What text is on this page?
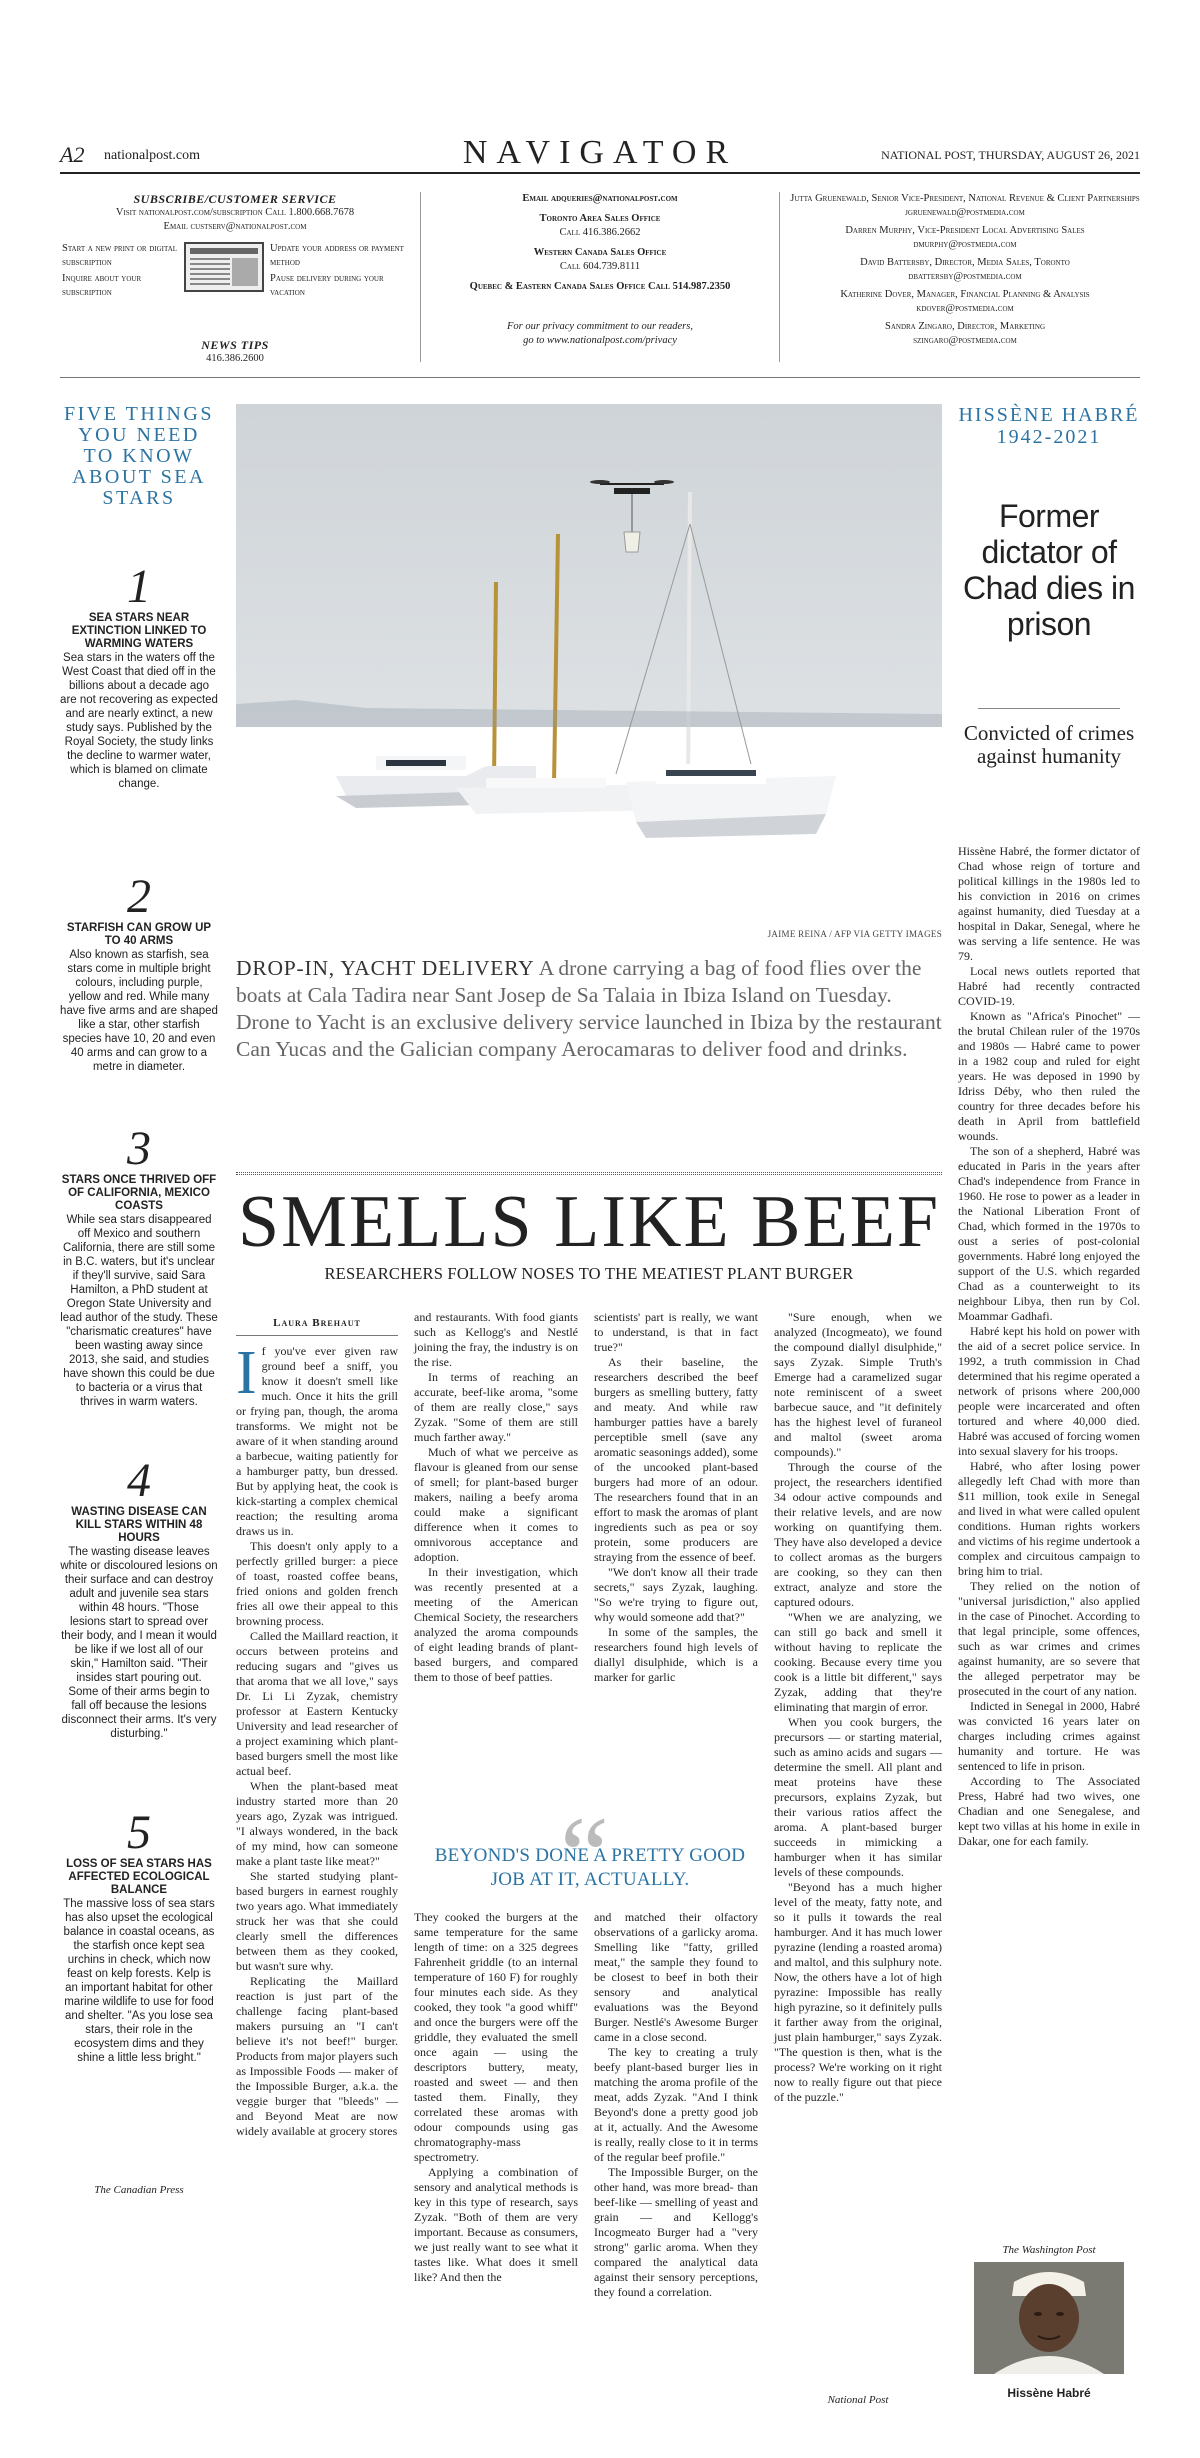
A2 nationalpost.com	NAVIGATOR	NATIONAL POST, THURSDAY, AUGUST 26, 2021
SUBSCRIBE/CUSTOMER SERVICE
Visit nationalpost.com/subscription Call 1.800.668.7678
Email custserv@nationalpost.com
Start a new print or digital subscription
Inquire about your subscription
Update your address or payment method
Pause delivery during your vacation
NEWS TIPS
416.386.2600
Email adqueries@nationalpost.com
Toronto Area Sales Office
Call 416.386.2662
Western Canada Sales Office
Call 604.739.8111
Quebec & Eastern Canada Sales Office Call 514.987.2350
For our privacy commitment to our readers,
go to www.nationalpost.com/privacy
Jutta Gruenewald, Senior Vice-President, National Revenue & Client Partnerships
jgruenewald@postmedia.com
Darren Murphy, Vice-President Local Advertising Sales
dmurphy@postmedia.com
David Battersby, Director, Media Sales, Toronto
dbattersby@postmedia.com
Katherine Dover, Manager, Financial Planning & Analysis
kdover@postmedia.com
Sandra Zingaro, Director, Marketing
szingaro@postmedia.com
FIVE THINGS YOU NEED TO KNOW ABOUT SEA STARS
1
SEA STARS NEAR EXTINCTION LINKED TO WARMING WATERS
Sea stars in the waters off the West Coast that died off in the billions about a decade ago are not recovering as expected and are nearly extinct, a new study says. Published by the Royal Society, the study links the decline to warmer water, which is blamed on climate change.
2
STARFISH CAN GROW UP TO 40 ARMS
Also known as starfish, sea stars come in multiple bright colours, including purple, yellow and red. While many have five arms and are shaped like a star, other starfish species have 10, 20 and even 40 arms and can grow to a metre in diameter.
3
STARS ONCE THRIVED OFF OF CALIFORNIA, MEXICO COASTS
While sea stars disappeared off Mexico and southern California, there are still some in B.C. waters, but it's unclear if they'll survive, said Sara Hamilton, a PhD student at Oregon State University and lead author of the study. These "charismatic creatures" have been wasting away since 2013, she said, and studies have shown this could be due to bacteria or a virus that thrives in warm waters.
4
WASTING DISEASE CAN KILL STARS WITHIN 48 HOURS
The wasting disease leaves white or discoloured lesions on their surface and can destroy adult and juvenile sea stars within 48 hours. "Those lesions start to spread over their body, and I mean it would be like if we lost all of our skin," Hamilton said. "Their insides start pouring out. Some of their arms begin to fall off because the lesions disconnect their arms. It's very disturbing."
5
LOSS OF SEA STARS HAS AFFECTED ECOLOGICAL BALANCE
The massive loss of sea stars has also upset the ecological balance in coastal oceans, as the starfish once kept sea urchins in check, which now feast on kelp forests. Kelp is an important habitat for other marine wildlife to use for food and shelter. "As you lose sea stars, their role in the ecosystem dims and they shine a little less bright."
The Canadian Press
JAIME REINA / AFP VIA GETTY IMAGES
DROP-IN, YACHT DELIVERY A drone carrying a bag of food flies over the boats at Cala Tadira near Sant Josep de Sa Talaia in Ibiza Island on Tuesday. Drone to Yacht is an exclusive delivery service launched in Ibiza by the restaurant Can Yucas and the Galician company Aerocamaras to deliver food and drinks.
SMELLS LIKE BEEF
RESEARCHERS FOLLOW NOSES TO THE MEATIEST PLANT BURGER
Laura Brehaut

If you've ever given raw ground beef a sniff, you know it doesn't smell like much. Once it hits the grill or frying pan, though, the aroma transforms. We might not be aware of it when standing around a barbecue, waiting patiently for a hamburger patty, bun dressed. But by applying heat, the cook is kick-starting a complex chemical reaction; the resulting aroma draws us in.

This doesn't only apply to a perfectly grilled burger: a piece of toast, roasted coffee beans, fried onions and golden french fries all owe their appeal to this browning process.

Called the Maillard reaction, it occurs between proteins and reducing sugars and "gives us that aroma that we all love," says Dr. Li Li Zyzak, chemistry professor at Eastern Kentucky University and lead researcher of a project examining which plant-based burgers smell the most like actual beef.

When the plant-based meat industry started more than 20 years ago, Zyzak was intrigued. "I always wondered, in the back of my mind, how can someone make a plant taste like meat?"

She started studying plant-based burgers in earnest roughly two years ago. What immediately struck her was that she could clearly smell the differences between them as they cooked, but wasn't sure why.

Replicating the Maillard reaction is just part of the challenge facing plant-based makers pursuing an "I can't believe it's not beef!" burger. Products from major players such as Impossible Foods — maker of the Impossible Burger, a.k.a. the veggie burger that "bleeds" — and Beyond Meat are now widely available at grocery stores

and restaurants. With food giants such as Kellogg's and Nestlé joining the fray, the industry is on the rise.

In terms of reaching an accurate, beef-like aroma, "some of them are really close," says Zyzak. "Some of them are still much farther away."

Much of what we perceive as flavour is gleaned from our sense of smell; for plant-based burger makers, nailing a beefy aroma could make a significant difference when it comes to omnivorous acceptance and adoption.

In their investigation, which was recently presented at a meeting of the American Chemical Society, the researchers analyzed the aroma compounds of eight leading brands of plant-based burgers, and compared them to those of beef patties.

scientists' part is really, we want to understand, is that in fact true?"

As their baseline, the researchers described the beef burgers as smelling buttery, fatty and meaty. And while raw hamburger patties have a barely perceptible smell (save any aromatic seasonings added), some of the uncooked plant-based burgers had more of an odour. The researchers found that in an effort to mask the aromas of plant ingredients such as pea or soy protein, some producers are straying from the essence of beef.

"We don't know all their trade secrets," says Zyzak, laughing. "So we're trying to figure out, why would someone add that?"

In some of the samples, the researchers found high levels of diallyl disulphide, which is a marker for garlic

"Sure enough, when we analyzed (Incogmeato), we found the compound diallyl disulphide," says Zyzak. Simple Truth's Emerge had a caramelized sugar note reminiscent of a sweet barbecue sauce, and "it definitely has the highest level of furaneol and maltol (sweet aroma compounds)."

Through the course of the project, the researchers identified 34 odour active compounds and their relative levels, and are now working on quantifying them. They have also developed a device to collect aromas as the burgers are cooking, so they can then extract, analyze and store the captured odours.

"When we are analyzing, we can still go back and smell it without having to replicate the cooking. Because every time you cook is a little bit different," says Zyzak, adding that they're eliminating that margin of error.

When you cook burgers, the precursors — or starting material, such as amino acids and sugars — determine the smell. All plant and meat proteins have these precursors, explains Zyzak, but their various ratios affect the aroma. A plant-based burger succeeds in mimicking a hamburger when it has similar levels of these compounds.

"Beyond has a much higher level of the meaty, fatty note, and so it pulls it towards the real hamburger. And it has much lower pyrazine (lending a roasted aroma) and maltol, and this sulphury note. Now, the others have a lot of high pyrazine: Impossible has really high pyrazine, so it definitely pulls it farther away from the original, just plain hamburger," says Zyzak. "The question is then, what is the process? We're working on it right now to really figure out that piece of the puzzle."

“
BEYOND'S DONE A PRETTY GOOD JOB AT IT, ACTUALLY.

They cooked the burgers at the same temperature for the same length of time: on a 325 degrees Fahrenheit griddle (to an internal temperature of 160 F) for roughly four minutes each side. As they cooked, they took "a good whiff" and once the burgers were off the griddle, they evaluated the smell once again — using the descriptors buttery, meaty, roasted and sweet — and then tasted them. Finally, they correlated these aromas with odour compounds using gas chromatography-mass spectrometry.

Applying a combination of sensory and analytical methods is key in this type of research, says Zyzak. "Both of them are very important. Because as consumers, we just really want to see what it tastes like. What does it smell like? And then the

and matched their olfactory observations of a garlicky aroma. Smelling like "fatty, grilled meat," the sample they found to be closest to beef in both their sensory and analytical evaluations was the Beyond Burger. Nestlé's Awesome Burger came in a close second.

The key to creating a truly beefy plant-based burger lies in matching the aroma profile of the meat, adds Zyzak. "And I think Beyond's done a pretty good job at it, actually. And the Awesome is really, really close to it in terms of the regular beef profile."

The Impossible Burger, on the other hand, was more bread- than beef-like — smelling of yeast and grain — and Kellogg's Incogmeato Burger had a "very strong" garlic aroma. When they compared the analytical data against their sensory perceptions, they found a correlation.

National Post
HISSÈNE HABRÉ 1942-2021
Former dictator of Chad dies in prison
Convicted of crimes against humanity

Hissène Habré, the former dictator of Chad whose reign of torture and political killings in the 1980s led to his conviction in 2016 on crimes against humanity, died Tuesday at a hospital in Dakar, Senegal, where he was serving a life sentence. He was 79.

Local news outlets reported that Habré had recently contracted COVID-19.

Known as "Africa's Pinochet" — the brutal Chilean ruler of the 1970s and 1980s — Habré came to power in a 1982 coup and ruled for eight years. He was deposed in 1990 by Idriss Déby, who then ruled the country for three decades before his death in April from battlefield wounds.

The son of a shepherd, Habré was educated in Paris in the years after Chad's independence from France in 1960. He rose to power as a leader in the National Liberation Front of Chad, which formed in the 1970s to oust a series of post-colonial governments. Habré long enjoyed the support of the U.S. which regarded Chad as a counterweight to its neighbour Libya, then run by Col. Moammar Gadhafi.

Habré kept his hold on power with the aid of a secret police service. In 1992, a truth commission in Chad determined that his regime operated a network of prisons where 200,000 people were incarcerated and often tortured and where 40,000 died. Habré was accused of forcing women into sexual slavery for his troops.

Habré, who after losing power allegedly left Chad with more than $11 million, took exile in Senegal and lived in what were called opulent conditions. Human rights workers and victims of his regime undertook a complex and circuitous campaign to bring him to trial.

They relied on the notion of "universal jurisdiction," also applied in the case of Pinochet. According to that legal principle, some offences, such as war crimes and crimes against humanity, are so severe that the alleged perpetrator may be prosecuted in the court of any nation.

Indicted in Senegal in 2000, Habré was convicted 16 years later on charges including crimes against humanity and torture. He was sentenced to life in prison.

According to The Associated Press, Habré had two wives, one Chadian and one Senegalese, and kept two villas at his home in exile in Dakar, one for each family.

The Washington Post
Hissène Habré
